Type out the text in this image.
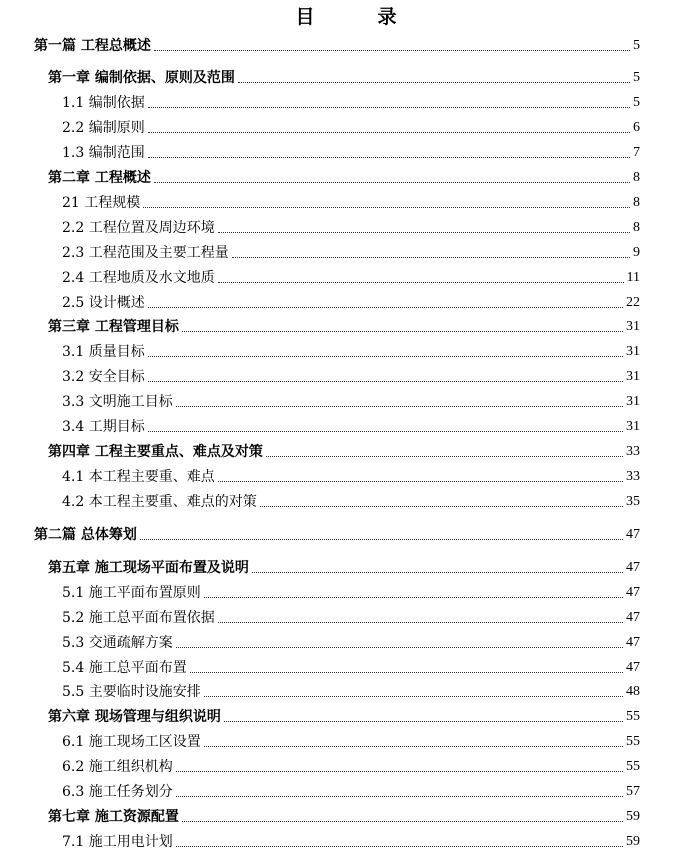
目　录
第一篇 工程总概述	5
第一章 编制依据、原则及范围	5
1.1 编制依据	5
2.2 编制原则	6
1.3 编制范围	7
第二章 工程概述	8
21 工程规模	8
2.2 工程位置及周边环境	8
2.3 工程范围及主要工程量	9
2.4 工程地质及水文地质	11
2.5 设计概述	22
第三章 工程管理目标	31
3.1 质量目标	31
3.2 安全目标	31
3.3 文明施工目标	31
3.4 工期目标	31
第四章 工程主要重点、难点及对策	33
4.1 本工程主要重、难点	33
4.2 本工程主要重、难点的对策	35
第二篇 总体筹划	47
第五章 施工现场平面布置及说明	47
5.1 施工平面布置原则	47
5.2 施工总平面布置依据	47
5.3 交通疏解方案	47
5.4 施工总平面布置	47
5.5 主要临时设施安排	48
第六章 现场管理与组织说明	55
6.1 施工现场工区设置	55
6.2 施工组织机构	55
6.3 施工任务划分	57
第七章 施工资源配置	59
7.1 施工用电计划	59
